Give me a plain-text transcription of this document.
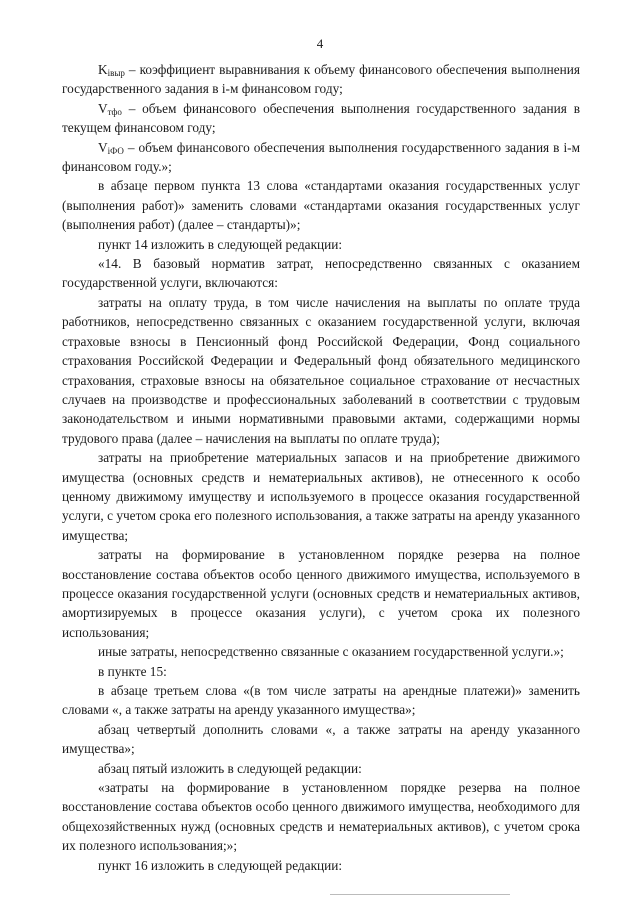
4

$K_{iвыр}$ – коэффициент выравнивания к объему финансового обеспечения выполнения государственного задания в i-м финансовом году;

$V_{тфо}$ – объем финансового обеспечения выполнения государственного задания в текущем финансовом году;

$V_{iФО}$ – объем финансового обеспечения выполнения государственного задания в i-м финансовом году.»;

в абзаце первом пункта 13 слова «стандартами оказания государственных услуг (выполнения работ)» заменить словами «стандартами оказания государственных услуг (выполнения работ) (далее – стандарты)»;

пункт 14 изложить в следующей редакции:

«14. В базовый норматив затрат, непосредственно связанных с оказанием государственной услуги, включаются:

затраты на оплату труда, в том числе начисления на выплаты по оплате труда работников, непосредственно связанных с оказанием государственной услуги, включая страховые взносы в Пенсионный фонд Российской Федерации, Фонд социального страхования Российской Федерации и Федеральный фонд обязательного медицинского страхования, страховые взносы на обязательное социальное страхование от несчастных случаев на производстве и профессиональных заболеваний в соответствии с трудовым законодательством и иными нормативными правовыми актами, содержащими нормы трудового права (далее – начисления на выплаты по оплате труда);

затраты на приобретение материальных запасов и на приобретение движимого имущества (основных средств и нематериальных активов), не отнесенного к особо ценному движимому имуществу и используемого в процессе оказания государственной услуги, с учетом срока его полезного использования, а также затраты на аренду указанного имущества;

затраты на формирование в установленном порядке резерва на полное восстановление состава объектов особо ценного движимого имущества, используемого в процессе оказания государственной услуги (основных средств и нематериальных активов, амортизируемых в процессе оказания услуги), с учетом срока их полезного использования;

иные затраты, непосредственно связанные с оказанием государственной услуги.»;

в пункте 15:

в абзаце третьем слова «(в том числе затраты на арендные платежи)» заменить словами «, а также затраты на аренду указанного имущества»;

абзац четвертый дополнить словами «, а также затраты на аренду указанного имущества»;

абзац пятый изложить в следующей редакции:

«затраты на формирование в установленном порядке резерва на полное восстановление состава объектов особо ценного движимого имущества, необходимого для общехозяйственных нужд (основных средств и нематериальных активов), с учетом срока их полезного использования;»;

пункт 16 изложить в следующей редакции:
